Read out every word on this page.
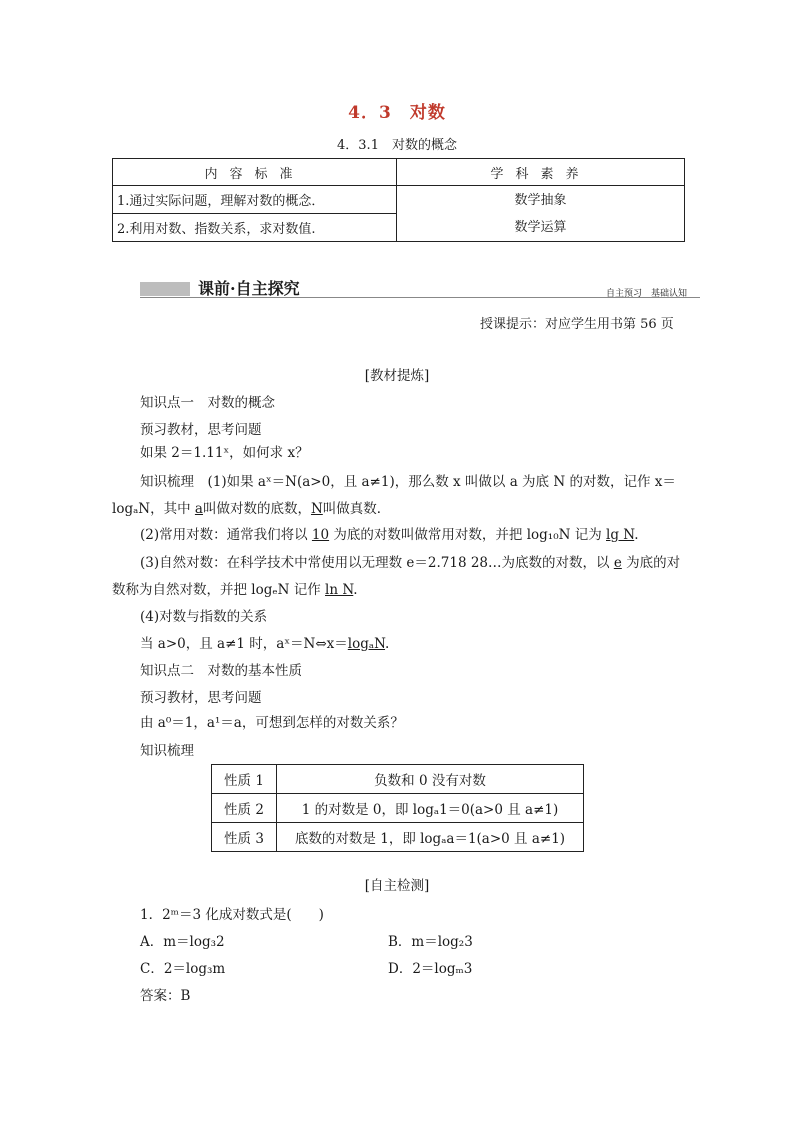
4．3　对数
4．3.1　对数的概念
内容标准	学科素养
1.通过实际问题，理解对数的概念．	数学抽象
数学运算

2.利用对数、指数关系，求对数值.	
课前·自主探究	自主预习　基础认知
授课提示：对应学生用书第 56 页
[教材提炼]
知识点一　对数的概念
预习教材，思考问题
如果 2＝1.11ˣ，如何求 x？
知识梳理　(1)如果 aˣ＝N(a>0，且 a≠1)，那么数 x 叫做以 a 为底 N 的对数，记作 x＝
logₐN，其中 a叫做对数的底数，N叫做真数．
(2)常用对数：通常我们将以 10 为底的对数叫做常用对数，并把 log₁₀N 记为 lg N.
(3)自然对数：在科学技术中常使用以无理数 e＝2.718 28…为底数的对数，以 e 为底的对
数称为自然对数，并把 logₑN 记作 ln N.
(4)对数与指数的关系
当 a>0，且 a≠1 时，aˣ＝N⇔x＝logₐN.
知识点二　对数的基本性质
预习教材，思考问题
由 a⁰＝1，a¹＝a，可想到怎样的对数关系？
知识梳理
性质 1	负数和 0 没有对数
性质 2	1 的对数是 0，即 logₐ1＝0(a>0 且 a≠1)
性质 3	底数的对数是 1，即 logₐa＝1(a>0 且 a≠1)
[自主检测]
1．2ᵐ＝3 化成对数式是(　　)
A．m＝log₃2	B．m＝log₂3
C．2＝log₃m	D．2＝logₘ3
答案：B
